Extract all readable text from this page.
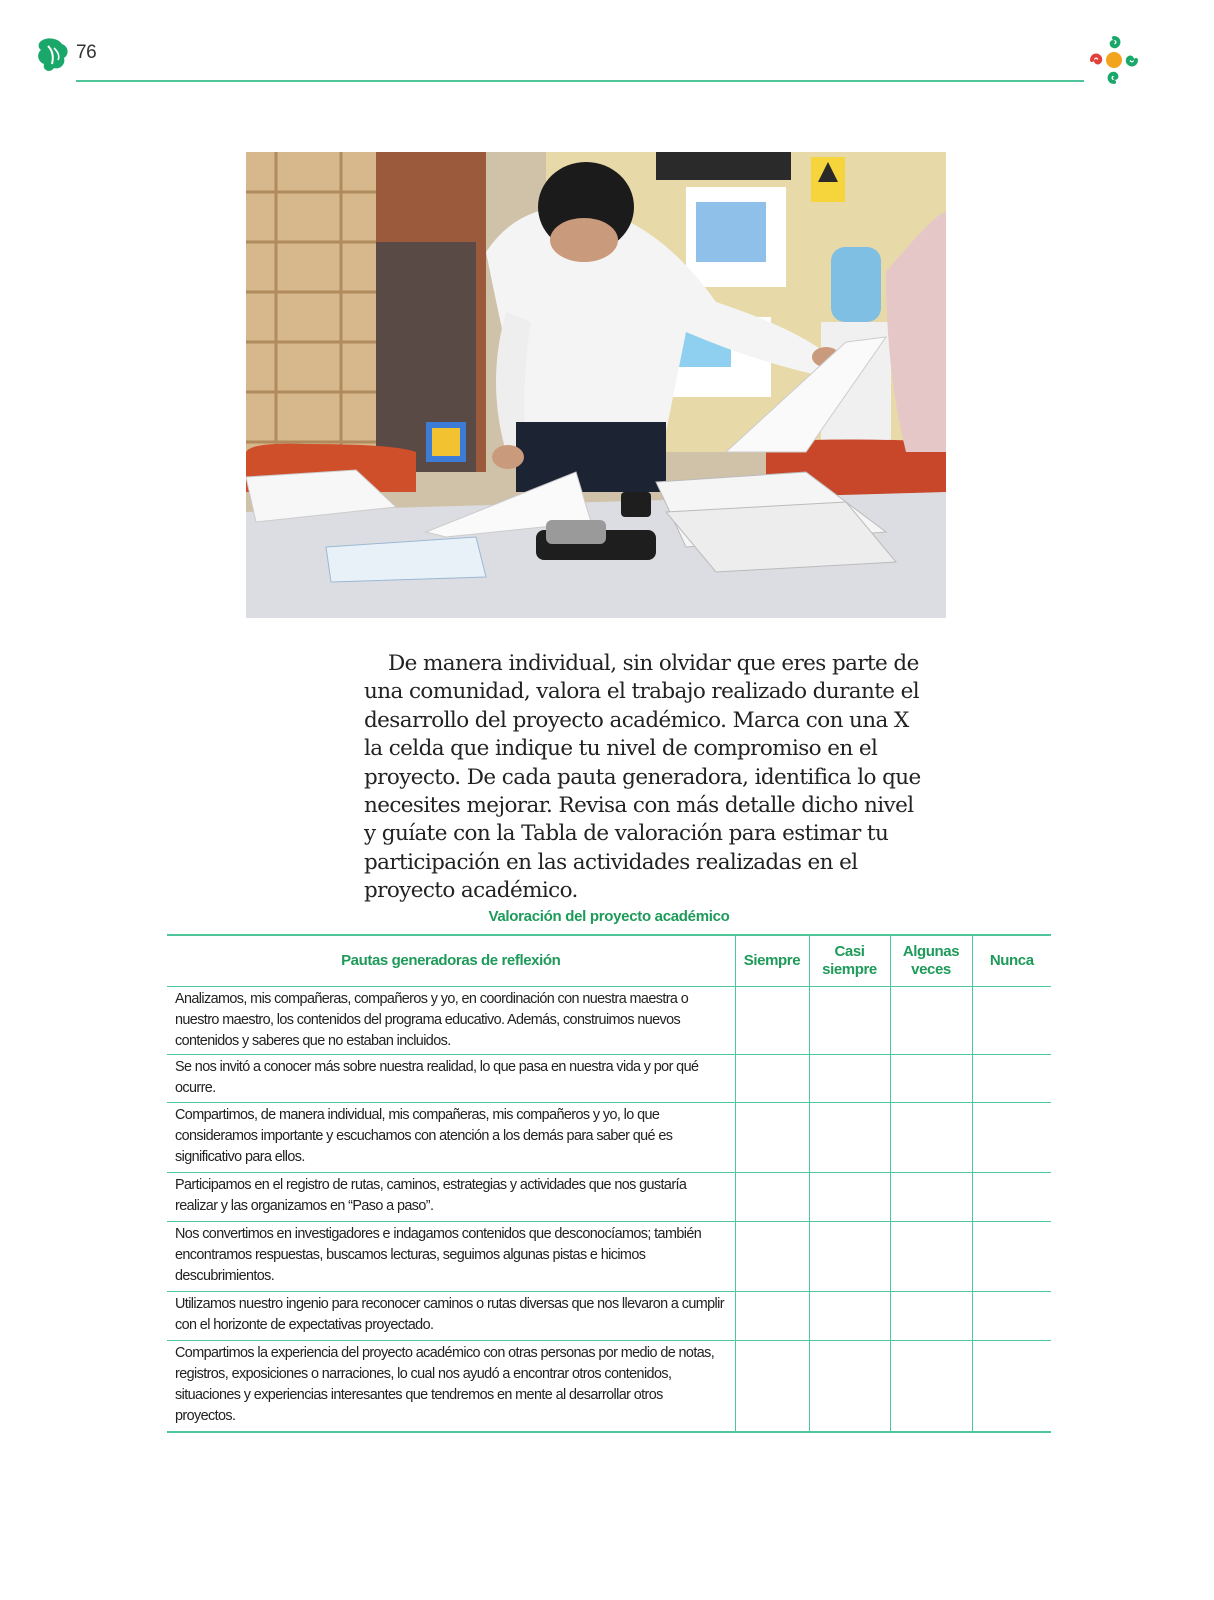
76

De manera individual, sin olvidar que eres parte de una comunidad, valora el trabajo realizado durante el desarrollo del proyecto académico. Marca con una X la celda que indique tu nivel de compromiso en el proyecto. De cada pauta generadora, identifica lo que necesites mejorar. Revisa con más detalle dicho nivel y guíate con la Tabla de valoración para estimar tu participación en las actividades realizadas en el proyecto académico.

Valoración del proyecto académico
Pautas generadoras de reflexión	Siempre	Casi siempre	Algunas veces	Nunca
Analizamos, mis compañeras, compañeros y yo, en coordinación con nuestra maestra o nuestro maestro, los contenidos del programa educativo. Además, construimos nuevos contenidos y saberes que no estaban incluidos.				
Se nos invitó a conocer más sobre nuestra realidad, lo que pasa en nuestra vida y por qué ocurre.				
Compartimos, de manera individual, mis compañeras, mis compañeros y yo, lo que consideramos importante y escuchamos con atención a los demás para saber qué es significativo para ellos.				
Participamos en el registro de rutas, caminos, estrategias y actividades que nos gustaría realizar y las organizamos en “Paso a paso”.				
Nos convertimos en investigadores e indagamos contenidos que desconocíamos; también encontramos respuestas, buscamos lecturas, seguimos algunas pistas e hicimos descubrimientos.				
Utilizamos nuestro ingenio para reconocer caminos o rutas diversas que nos llevaron a cumplir con el horizonte de expectativas proyectado.				
Compartimos la experiencia del proyecto académico con otras personas por medio de notas, registros, exposiciones o narraciones, lo cual nos ayudó a encontrar otros contenidos, situaciones y experiencias interesantes que tendremos en mente al desarrollar otros proyectos.				
